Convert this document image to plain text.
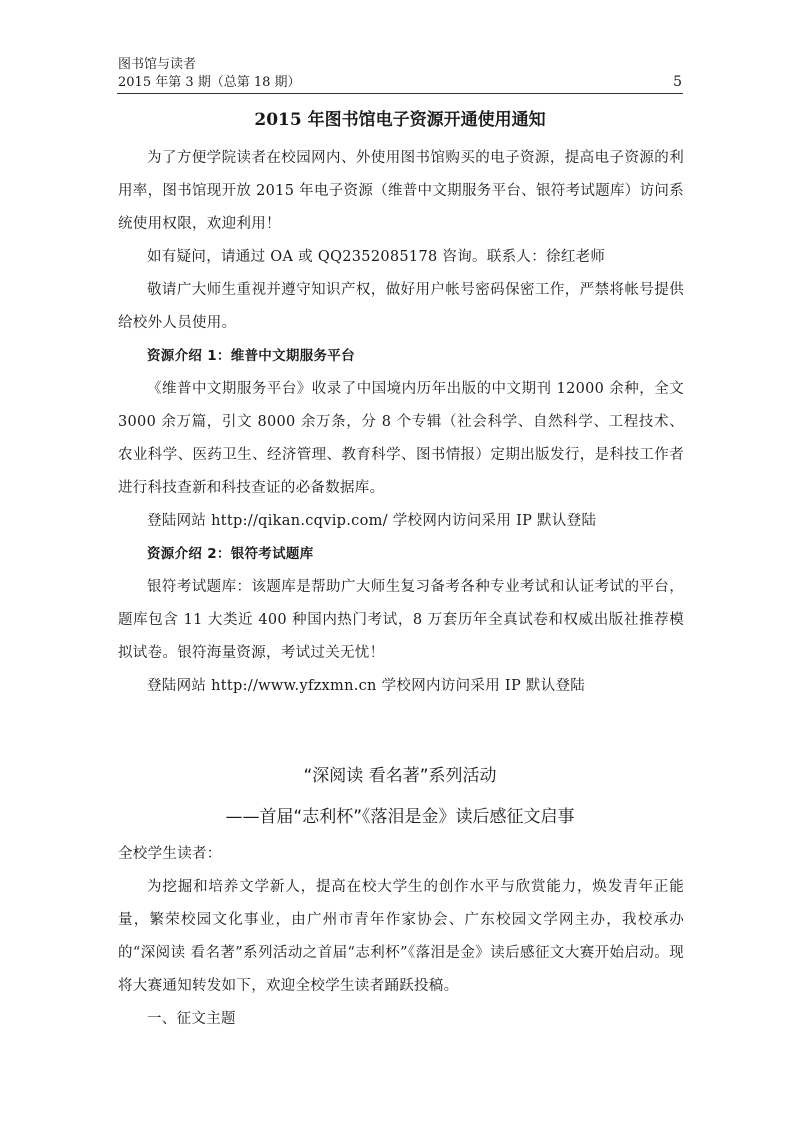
图书馆与读者
2015 年第 3 期（总第 18 期）	5
2015 年图书馆电子资源开通使用通知

为了方便学院读者在校园网内、外使用图书馆购买的电子资源，提高电子资源的利用率，图书馆现开放 2015 年电子资源（维普中文期服务平台、银符考试题库）访问系统使用权限，欢迎利用！

如有疑问，请通过 OA 或 QQ2352085178 咨询。联系人：徐红老师

敬请广大师生重视并遵守知识产权，做好用户帐号密码保密工作，严禁将帐号提供给校外人员使用。

资源介绍 1：维普中文期服务平台

《维普中文期服务平台》收录了中国境内历年出版的中文期刊 12000 余种，全文 3000 余万篇，引文 8000 余万条，分 8 个专辑（社会科学、自然科学、工程技术、农业科学、医药卫生、经济管理、教育科学、图书情报）定期出版发行，是科技工作者进行科技查新和科技查证的必备数据库。

登陆网站 http://qikan.cqvip.com/ 学校网内访问采用 IP 默认登陆

资源介绍 2：银符考试题库

银符考试题库：该题库是帮助广大师生复习备考各种专业考试和认证考试的平台，题库包含 11 大类近 400 种国内热门考试，8 万套历年全真试卷和权威出版社推荐模拟试卷。银符海量资源，考试过关无忧！

登陆网站 http://www.yfzxmn.cn 学校网内访问采用 IP 默认登陆

“深阅读 看名著”系列活动
——首届“志利杯”《落泪是金》读后感征文启事

全校学生读者：

为挖掘和培养文学新人，提高在校大学生的创作水平与欣赏能力，焕发青年正能量，繁荣校园文化事业，由广州市青年作家协会、广东校园文学网主办，我校承办的“深阅读 看名著”系列活动之首届“志利杯”《落泪是金》读后感征文大赛开始启动。现将大赛通知转发如下，欢迎全校学生读者踊跃投稿。

一、征文主题
